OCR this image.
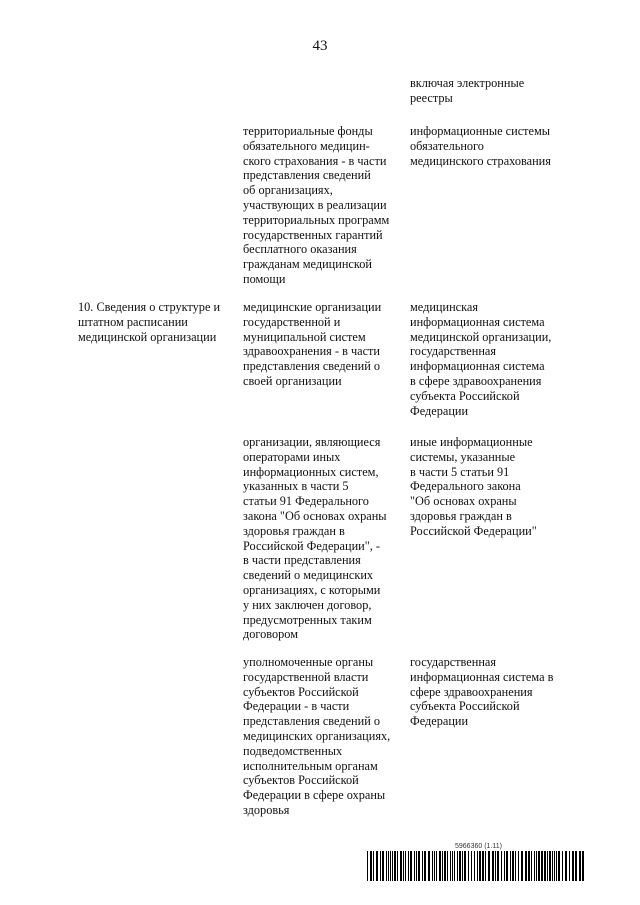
43
включая электронные
реестры
территориальные фонды
обязательного медицин-
ского страхования - в части
представления сведений
об организациях,
участвующих в реализации
территориальных программ
государственных гарантий
бесплатного оказания
гражданам медицинской
помощи
информационные системы
обязательного
медицинского страхования
10. Сведения о структуре и
штатном расписании
медицинской организации
медицинские организации
государственной и
муниципальной систем
здравоохранения - в части
представления сведений о
своей организации
медицинская
информационная система
медицинской организации,
государственная
информационная система
в сфере здравоохранения
субъекта Российской
Федерации
организации, являющиеся
операторами иных
информационных систем,
указанных в части 5
статьи 91 Федерального
закона "Об основах охраны
здоровья граждан в
Российской Федерации", -
в части представления
сведений о медицинских
организациях, с которыми
у них заключен договор,
предусмотренных таким
договором
иные информационные
системы, указанные
в части 5 статьи 91
Федерального закона
"Об основах охраны
здоровья граждан в
Российской Федерации"
уполномоченные органы
государственной власти
субъектов Российской
Федерации - в части
представления сведений о
медицинских организациях,
подведомственных
исполнительным органам
субъектов Российской
Федерации в сфере охраны
здоровья
государственная
информационная система в
сфере здравоохранения
субъекта Российской
Федерации
5966360 (1.11)
